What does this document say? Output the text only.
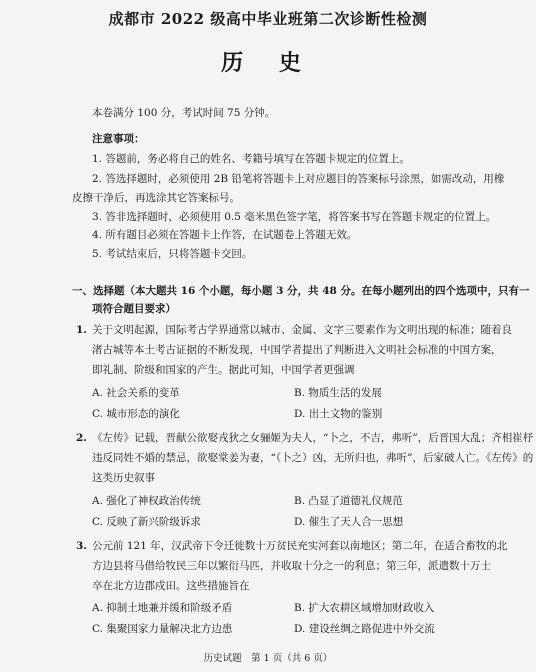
成都市 2022 级高中毕业班第二次诊断性检测
历 史
本卷满分 100 分，考试时间 75 分钟。
注意事项：
1. 答题前，务必将自己的姓名、考籍号填写在答题卡规定的位置上。
2. 答选择题时，必须使用 2B 铅笔将答题卡上对应题目的答案标号涂黑，如需改动，用橡
皮擦干净后，再选涂其它答案标号。
3. 答非选择题时，必须使用 0.5 毫米黑色签字笔，将答案书写在答题卡规定的位置上。
4. 所有题目必须在答题卡上作答，在试题卷上答题无效。
5. 考试结束后，只将答题卡交回。
一、选择题（本大题共 16 个小题，每小题 3 分，共 48 分。在每小题列出的四个选项中，只有一
项符合题目要求）
1. 关于文明起源，国际考古学界通常以城市、金属、文字三要素作为文明出现的标准；随着良
渚古城等本土考古证据的不断发现，中国学者提出了判断进入文明社会标准的中国方案，
即礼制、阶级和国家的产生。据此可知，中国学者更强调
A. 社会关系的变革	B. 物质生活的发展
C. 城市形态的演化	D. 出土文物的鉴别
2. 《左传》记载，晋献公欲娶戎狄之女骊姬为夫人，“卜之，不吉，弗听”，后晋国大乱；齐相崔杼
违反同姓不婚的禁忌，欲娶棠姜为妻，“（卜之）凶，无所归也，弗听”，后家破人亡。《左传》的
这类历史叙事
A. 强化了神权政治传统	B. 凸显了道德礼仪规范
C. 反映了新兴阶级诉求	D. 催生了天人合一思想
3. 公元前 121 年，汉武帝下令迁徙数十万贫民充实河套以南地区；第二年，在适合畜牧的北
方边县将马借给牧民三年以繁衍马匹，并收取十分之一的利息；第三年，派遣数十万士
卒在北方边郡戍田。这些措施旨在
A. 抑制土地兼并缓和阶级矛盾	B. 扩大农耕区域增加财政收入
C. 集聚国家力量解决北方边患	D. 建设丝绸之路促进中外交流
历史试题　第 1 页（共 6 页）
